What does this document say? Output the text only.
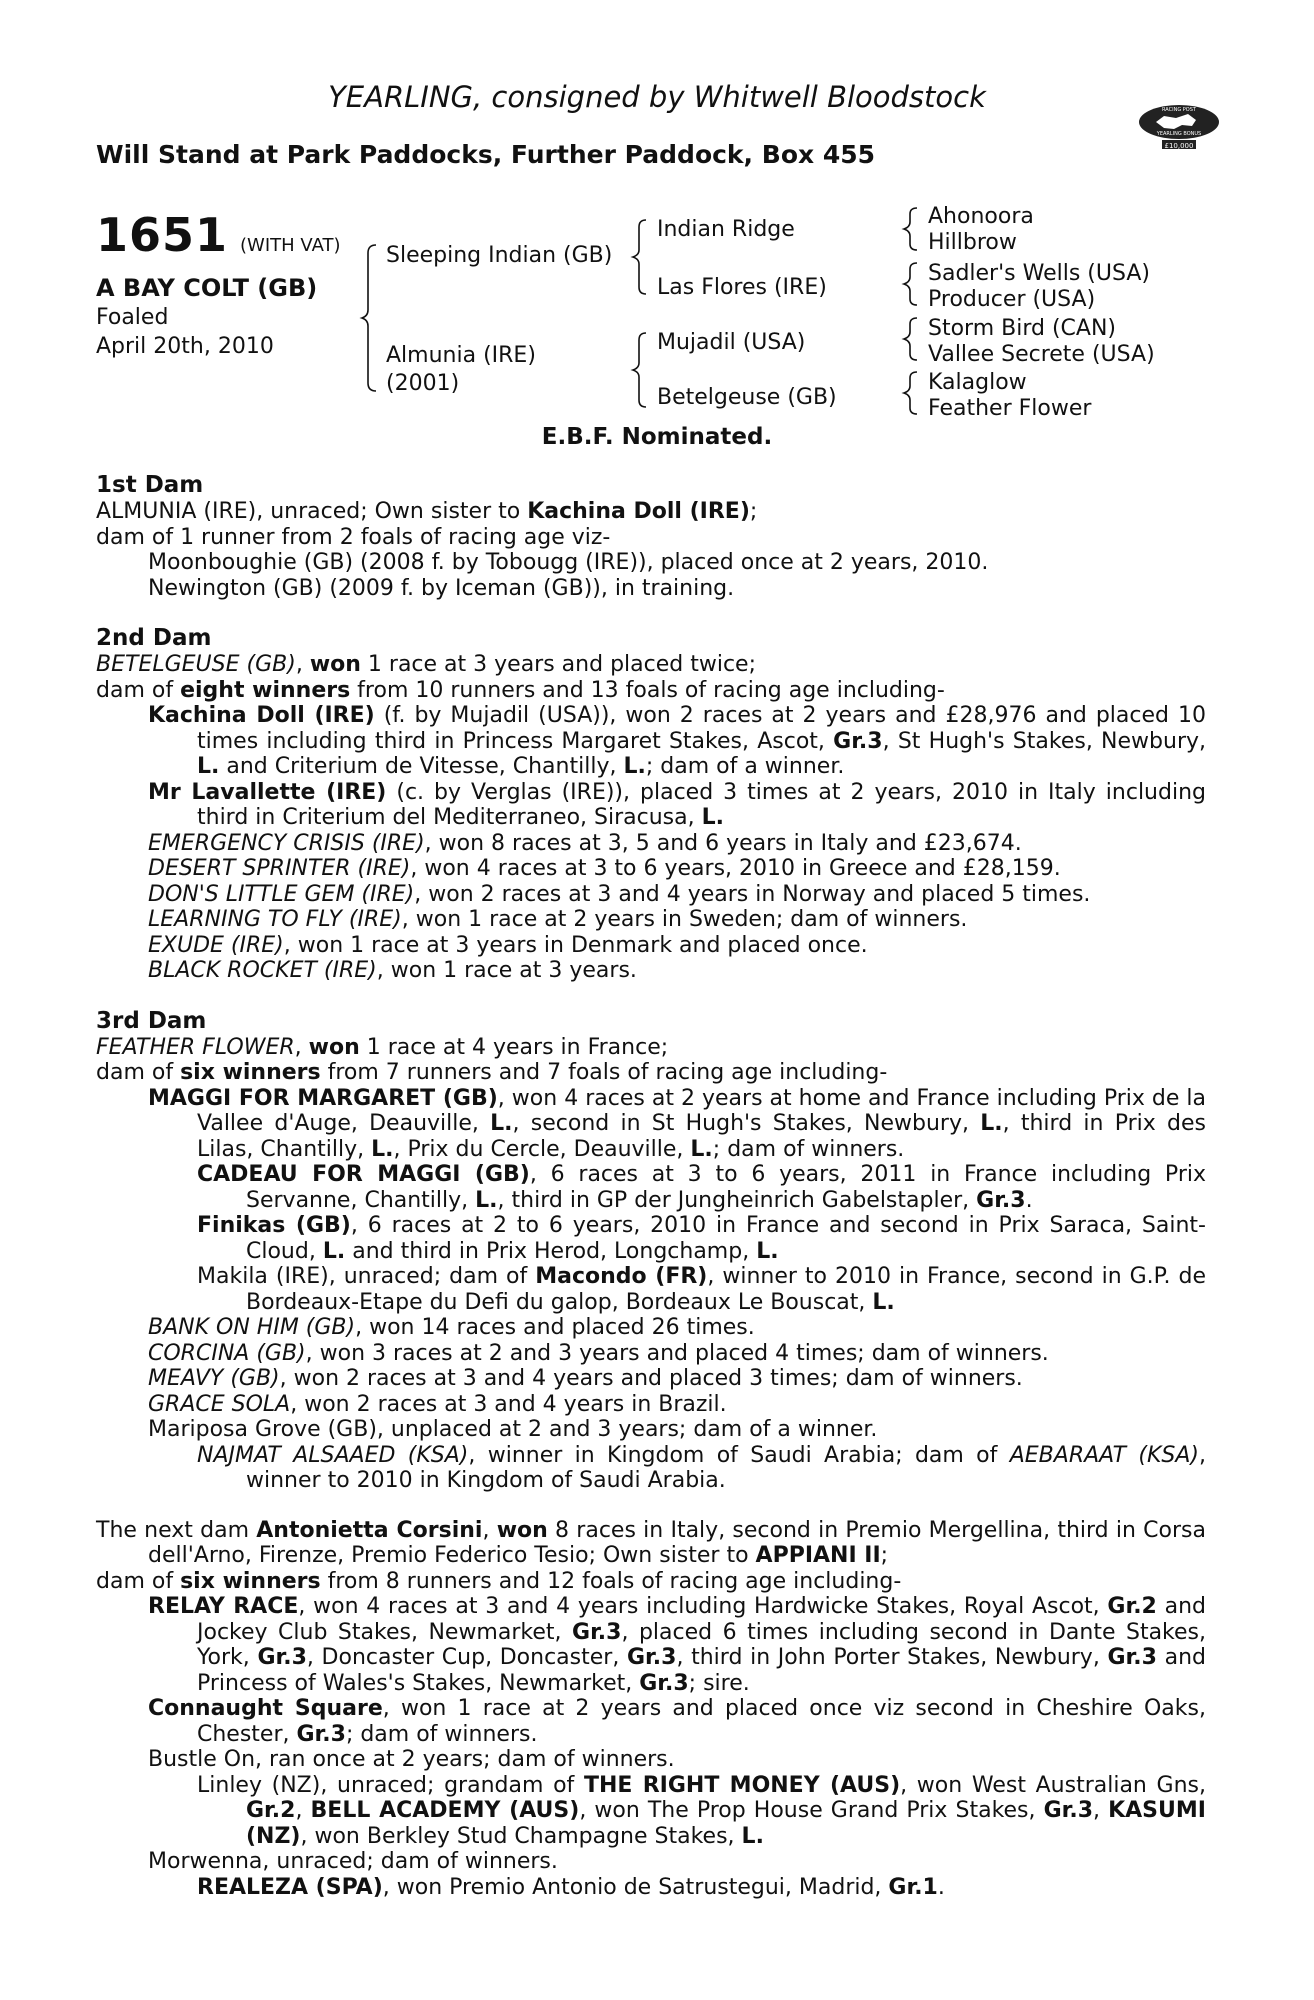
YEARLING, consigned by Whitwell Bloodstock
Will Stand at Park Paddocks, Further Paddock, Box 455	£10,000
RACING POST
YEARLING BONUS
1651 (WITH VAT)
A BAY COLT (GB)
Foaled
April 20th, 2010
Sleeping Indian (GB)
Almunia (IRE)
(2001)
Indian Ridge
Las Flores (IRE)
Mujadil (USA)
Betelgeuse (GB)
Ahonoora
Hillbrow
Sadler's Wells (USA)
Producer (USA)
Storm Bird (CAN)
Vallee Secrete (USA)
Kalaglow
Feather Flower
E.B.F. Nominated.
1st Dam

ALMUNIA (IRE), unraced; Own sister to Kachina Doll (IRE);

dam of 1 runner from 2 foals of racing age viz-

Moonboughie (GB) (2008 f. by Tobougg (IRE)), placed once at 2 years, 2010.

Newington (GB) (2009 f. by Iceman (GB)), in training.

2nd Dam

BETELGEUSE (GB), won 1 race at 3 years and placed twice;

dam of eight winners from 10 runners and 13 foals of racing age including-

Kachina Doll (IRE) (f. by Mujadil (USA)), won 2 races at 2 years and £28,976 and placed 10 times including third in Princess Margaret Stakes, Ascot, Gr.3, St Hugh's Stakes, Newbury, L. and Criterium de Vitesse, Chantilly, L.; dam of a winner.

Mr Lavallette (IRE) (c. by Verglas (IRE)), placed 3 times at 2 years, 2010 in Italy including third in Criterium del Mediterraneo, Siracusa, L.

EMERGENCY CRISIS (IRE), won 8 races at 3, 5 and 6 years in Italy and £23,674.

DESERT SPRINTER (IRE), won 4 races at 3 to 6 years, 2010 in Greece and £28,159.

DON'S LITTLE GEM (IRE), won 2 races at 3 and 4 years in Norway and placed 5 times.

LEARNING TO FLY (IRE), won 1 race at 2 years in Sweden; dam of winners.

EXUDE (IRE), won 1 race at 3 years in Denmark and placed once.

BLACK ROCKET (IRE), won 1 race at 3 years.

3rd Dam

FEATHER FLOWER, won 1 race at 4 years in France;

dam of six winners from 7 runners and 7 foals of racing age including-

MAGGI FOR MARGARET (GB), won 4 races at 2 years at home and France including Prix de la Vallee d'Auge, Deauville, L., second in St Hugh's Stakes, Newbury, L., third in Prix des Lilas, Chantilly, L., Prix du Cercle, Deauville, L.; dam of winners.

CADEAU FOR MAGGI (GB), 6 races at 3 to 6 years, 2011 in France including Prix Servanne, Chantilly, L., third in GP der Jungheinrich Gabelstapler, Gr.3.

Finikas (GB), 6 races at 2 to 6 years, 2010 in France and second in Prix Saraca, Saint-Cloud, L. and third in Prix Herod, Longchamp, L.

Makila (IRE), unraced; dam of Macondo (FR), winner to 2010 in France, second in G.P. de Bordeaux-Etape du Defi du galop, Bordeaux Le Bouscat, L.

BANK ON HIM (GB), won 14 races and placed 26 times.

CORCINA (GB), won 3 races at 2 and 3 years and placed 4 times; dam of winners.

MEAVY (GB), won 2 races at 3 and 4 years and placed 3 times; dam of winners.

GRACE SOLA, won 2 races at 3 and 4 years in Brazil.

Mariposa Grove (GB), unplaced at 2 and 3 years; dam of a winner.

NAJMAT ALSAAED (KSA), winner in Kingdom of Saudi Arabia; dam of AEBARAAT (KSA), winner to 2010 in Kingdom of Saudi Arabia.

The next dam Antonietta Corsini, won 8 races in Italy, second in Premio Mergellina, third in Corsa dell'Arno, Firenze, Premio Federico Tesio; Own sister to APPIANI II;

dam of six winners from 8 runners and 12 foals of racing age including-

RELAY RACE, won 4 races at 3 and 4 years including Hardwicke Stakes, Royal Ascot, Gr.2 and Jockey Club Stakes, Newmarket, Gr.3, placed 6 times including second in Dante Stakes, York, Gr.3, Doncaster Cup, Doncaster, Gr.3, third in John Porter Stakes, Newbury, Gr.3 and Princess of Wales's Stakes, Newmarket, Gr.3; sire.

Connaught Square, won 1 race at 2 years and placed once viz second in Cheshire Oaks, Chester, Gr.3; dam of winners.

Bustle On, ran once at 2 years; dam of winners.

Linley (NZ), unraced; grandam of THE RIGHT MONEY (AUS), won West Australian Gns, Gr.2, BELL ACADEMY (AUS), won The Prop House Grand Prix Stakes, Gr.3, KASUMI (NZ), won Berkley Stud Champagne Stakes, L.

Morwenna, unraced; dam of winners.

REALEZA (SPA), won Premio Antonio de Satrustegui, Madrid, Gr.1.
